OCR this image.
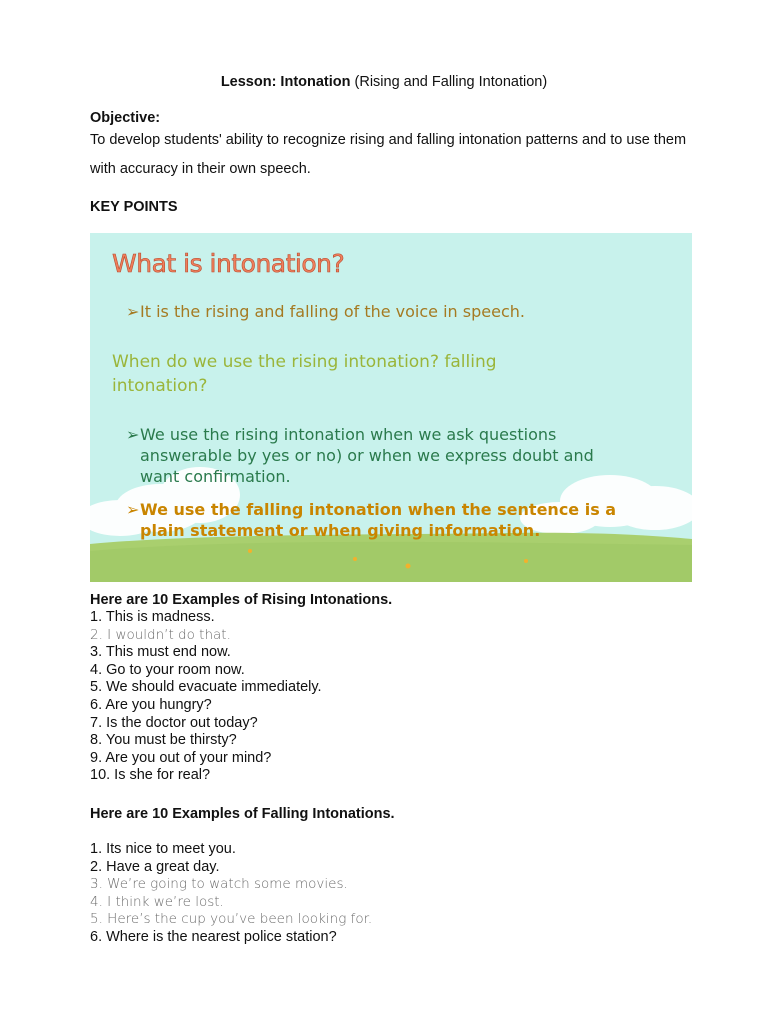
Lesson: Intonation (Rising and Falling Intonation)
Objective:
To develop students' ability to recognize rising and falling intonation patterns and to use them with accuracy in their own speech.
KEY POINTS
What is intonation?
➢It is the rising and falling of the voice in speech.
When do we use the rising intonation? falling intonation?
➢We use the rising intonation when we ask questions
answerable by yes or no) or when we express doubt and
want confirmation.
➢We use the falling intonation when the sentence is a
plain statement or when giving information.
Here are 10 Examples of Rising Intonations.
1. This is madness.
2. I wouldn’t do that.
3. This must end now.
4. Go to your room now.
5. We should evacuate immediately.
6. Are you hungry?
7. Is the doctor out today?
8. You must be thirsty?
9. Are you out of your mind?
10. Is she for real?
Here are 10 Examples of Falling Intonations.
1. Its nice to meet you.
2. Have a great day.
3. We’re going to watch some movies.
4. I think we’re lost.
5. Here’s the cup you’ve been looking for.
6. Where is the nearest police station?
